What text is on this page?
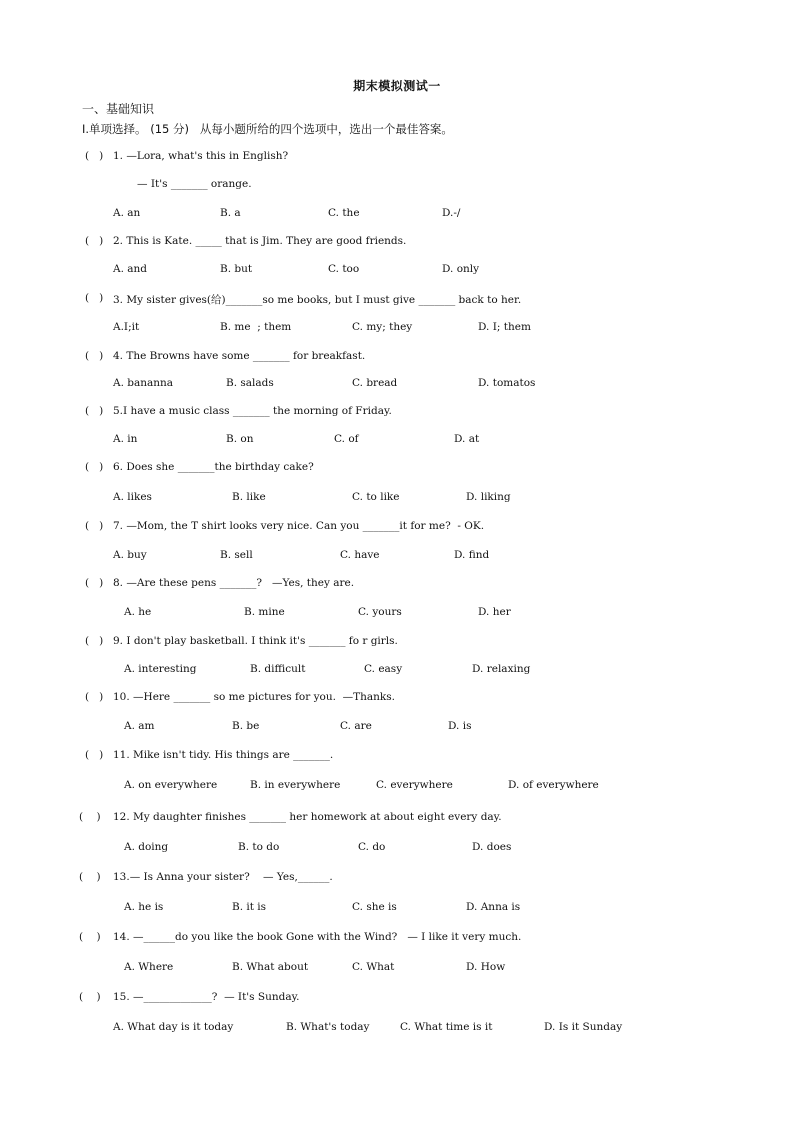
期末模拟测试一
一、基础知识
Ⅰ.单项选择。 (15 分)   从每小题所给的四个选项中，选出一个最佳答案。

(   )

1. —Lora, what's this in English?

— It's _______ orange.
A. an	B. a	C. the	D.-/

(   )

2. This is Kate. _____ that is Jim. They are good friends.

A. and	B. but	C. too	D. only

(   )

3. My sister gives(给)_______so me books, but I must give _______ back to her.

A.I;it	B. me  ; them	C. my; they	D. I; them

(   )

4. The Browns have some _______ for breakfast.

A. bananna	B. salads	C. bread	D. tomatos

(   )

5.I have a music class _______ the morning of Friday.

A. in	B. on	C. of	D. at

(   )

6. Does she _______the birthday cake?

A. likes	B. like	C. to like	D. liking

(   )

7. —Mom, the T shirt looks very nice. Can you _______it for me?  - OK.

A. buy	B. sell	C. have	D. find

(   )

8. —Are these pens _______?   —Yes, they are.

A. he	B. mine	C. yours	D. her

(   )

9. I don't play basketball. I think it's _______ fo r girls.

A. interesting	B. difficult	C. easy	D. relaxing

(   )

10. —Here _______ so me pictures for you.  —Thanks.

A. am	B. be	C. are	D. is

(   )

11. Mike isn't tidy. His things are _______.

A. on everywhere	B. in everywhere	C. everywhere	D. of everywhere

(    )

12. My daughter finishes _______ her homework at about eight every day.

A. doing	B. to do	C. do	D. does

(    )

13.— Is Anna your sister?    — Yes,______.

A. he is	B. it is	C. she is	D. Anna is

(    )

14. —______do you like the book Gone with the Wind?   — I like it very much.

A. Where	B. What about	C. What	D. How

(    )

15. —_____________?  — It's Sunday.

A. What day is it today	B. What's today	C. What time is it	D. Is it Sunday
